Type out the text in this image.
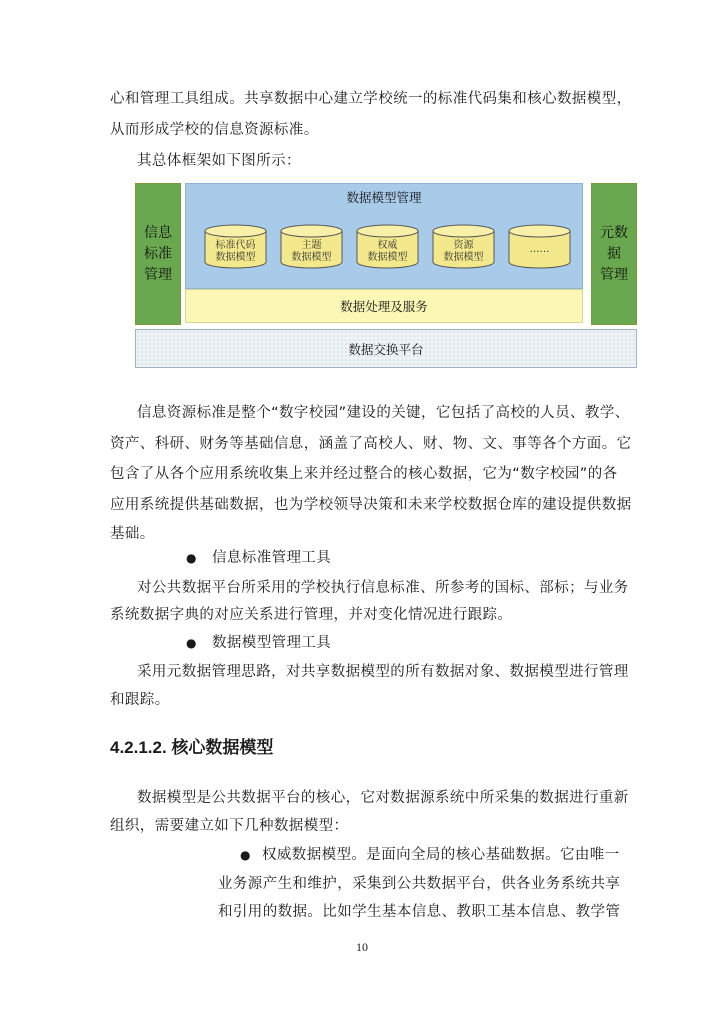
心和管理工具组成。共享数据中心建立学校统一的标准代码集和核心数据模型，
从而形成学校的信息资源标准。
其总体框架如下图所示：
信息
标准
管理
数据模型管理
标准代码
数据模型
主题
数据模型
权威
数据模型
资源
数据模型
……
数据处理及服务
元数
据
管理
数据交换平台
信息资源标准是整个“数字校园”建设的关键，它包括了高校的人员、教学、
资产、科研、财务等基础信息，涵盖了高校人、财、物、文、事等各个方面。它
包含了从各个应用系统收集上来并经过整合的核心数据，它为“数字校园”的各
应用系统提供基础数据，也为学校领导决策和未来学校数据仓库的建设提供数据
基础。
● 信息标准管理工具
对公共数据平台所采用的学校执行信息标准、所参考的国标、部标；与业务
系统数据字典的对应关系进行管理，并对变化情况进行跟踪。
● 数据模型管理工具
采用元数据管理思路，对共享数据模型的所有数据对象、数据模型进行管理
和跟踪。
4.2.1.2. 核心数据模型
数据模型是公共数据平台的核心，它对数据源系统中所采集的数据进行重新
组织，需要建立如下几种数据模型：
● 权威数据模型。是面向全局的核心基础数据。它由唯一
业务源产生和维护，采集到公共数据平台，供各业务系统共享
和引用的数据。比如学生基本信息、教职工基本信息、教学管
10
